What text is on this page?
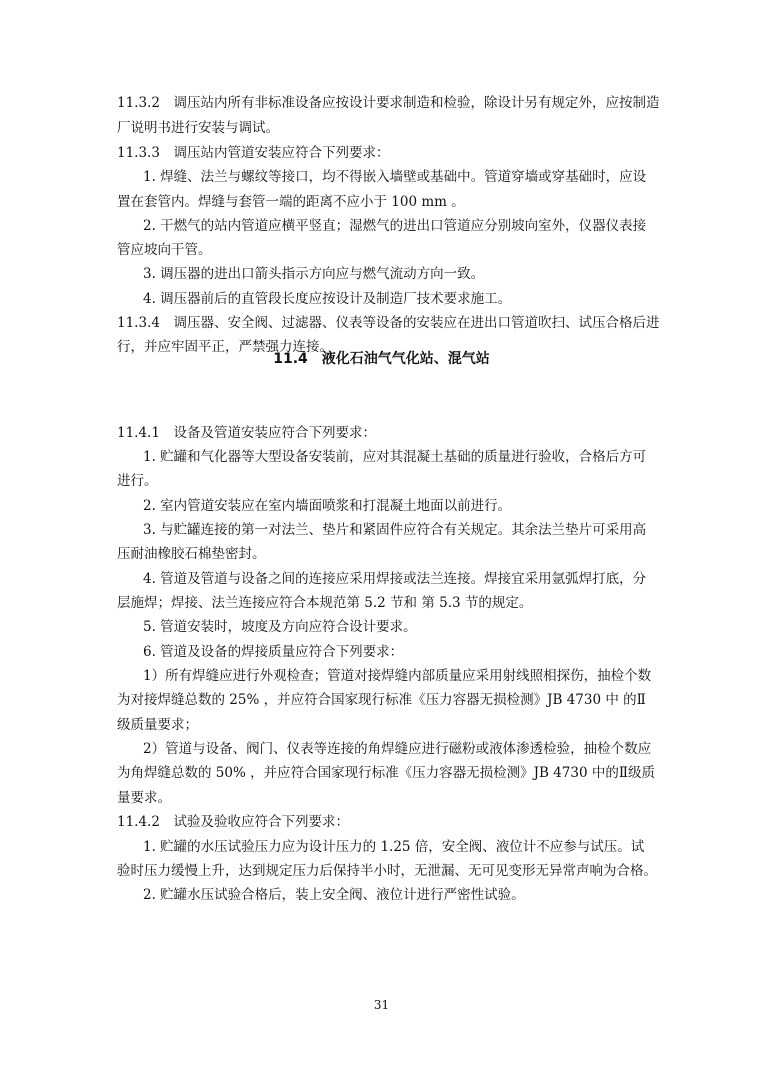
11.3.2　调压站内所有非标准设备应按设计要求制造和检验，除设计另有规定外，应按制造
厂说明书进行安装与调试。
11.3.3　调压站内管道安装应符合下列要求：
1. 焊缝、法兰与螺纹等接口，均不得嵌入墙壁或基础中。管道穿墙或穿基础时，应设
置在套管内。焊缝与套管一端的距离不应小于 100 mm 。
2. 干燃气的站内管道应横平竖直；湿燃气的进出口管道应分别坡向室外，仪器仪表接
管应坡向干管。
3. 调压器的进出口箭头指示方向应与燃气流动方向一致。
4. 调压器前后的直管段长度应按设计及制造厂技术要求施工。
11.3.4　调压器、安全阀、过滤器、仪表等设备的安装应在进出口管道吹扫、试压合格后进
行，并应牢固平正，严禁强力连接。
11.4　液化石油气气化站、混气站
11.4.1　设备及管道安装应符合下列要求：
1. 贮罐和气化器等大型设备安装前，应对其混凝土基础的质量进行验收，合格后方可
进行。
2. 室内管道安装应在室内墙面喷浆和打混凝土地面以前进行。
3. 与贮罐连接的第一对法兰、垫片和紧固件应符合有关规定。其余法兰垫片可采用高
压耐油橡胶石棉垫密封。
4. 管道及管道与设备之间的连接应采用焊接或法兰连接。焊接宜采用氩弧焊打底，分
层施焊；焊接、法兰连接应符合本规范第 5.2 节和 第 5.3 节的规定。
5. 管道安装时，坡度及方向应符合设计要求。
6. 管道及设备的焊接质量应符合下列要求：
1）所有焊缝应进行外观检查；管道对接焊缝内部质量应采用射线照相探伤，抽检个数
为对接焊缝总数的 25% ，并应符合国家现行标准《压力容器无损检测》JB 4730 中 的Ⅱ
级质量要求；
2）管道与设备、阀门、仪表等连接的角焊缝应进行磁粉或液体渗透检验，抽检个数应
为角焊缝总数的 50% ，并应符合国家现行标准《压力容器无损检测》JB 4730 中的Ⅱ级质
量要求。
11.4.2　试验及验收应符合下列要求：
1. 贮罐的水压试验压力应为设计压力的 1.25 倍，安全阀、液位计不应参与试压。试
验时压力缓慢上升，达到规定压力后保持半小时，无泄漏、无可见变形无异常声响为合格。
2. 贮罐水压试验合格后，装上安全阀、液位计进行严密性试验。
31
